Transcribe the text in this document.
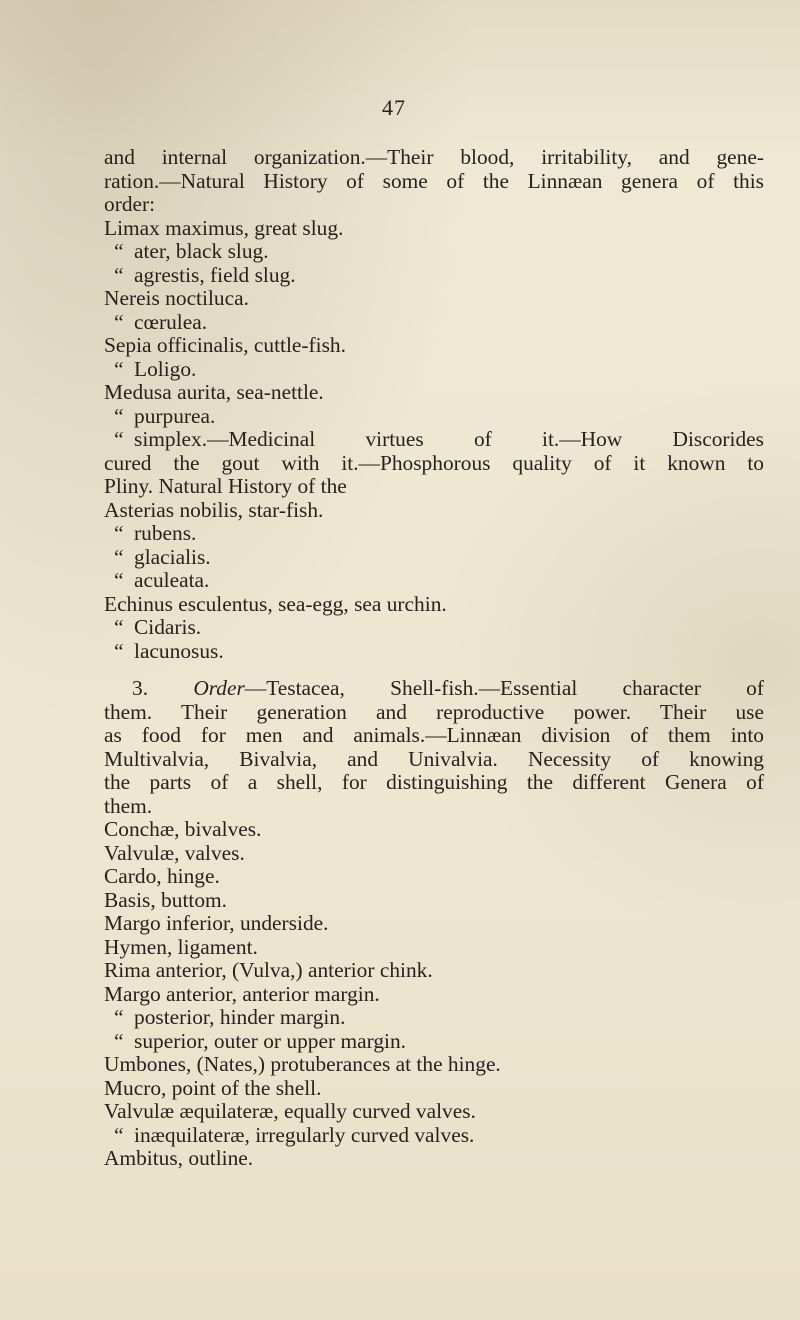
47
and internal organization.—Their blood, irritability, and gene-
ration.—Natural History of some of the Linnæan genera of this
order:
Limax maximus, great slug.
“ ater, black slug.
“ agrestis, field slug.
Nereis noctiluca.
“ cœrulea.
Sepia officinalis, cuttle-fish.
“ Loligo.
Medusa aurita, sea-nettle.
“ purpurea.
“ simplex.—Medicinal virtues of it.—How Discorides
cured the gout with it.—Phosphorous quality of it known to
Pliny. Natural History of the
Asterias nobilis, star-fish.
“ rubens.
“ glacialis.
“ aculeata.
Echinus esculentus, sea-egg, sea urchin.
“ Cidaris.
“ lacunosus.
3. Order—Testacea, Shell-fish.—Essential character of
them. Their generation and reproductive power. Their use
as food for men and animals.—Linnæan division of them into
Multivalvia, Bivalvia, and Univalvia. Necessity of knowing
the parts of a shell, for distinguishing the different Genera of
them.
Conchæ, bivalves.
Valvulæ, valves.
Cardo, hinge.
Basis, buttom.
Margo inferior, underside.
Hymen, ligament.
Rima anterior, (Vulva,) anterior chink.
Margo anterior, anterior margin.
“ posterior, hinder margin.
“ superior, outer or upper margin.
Umbones, (Nates,) protuberances at the hinge.
Mucro, point of the shell.
Valvulæ æquilateræ, equally curved valves.
“ inæquilateræ, irregularly curved valves.
Ambitus, outline.
